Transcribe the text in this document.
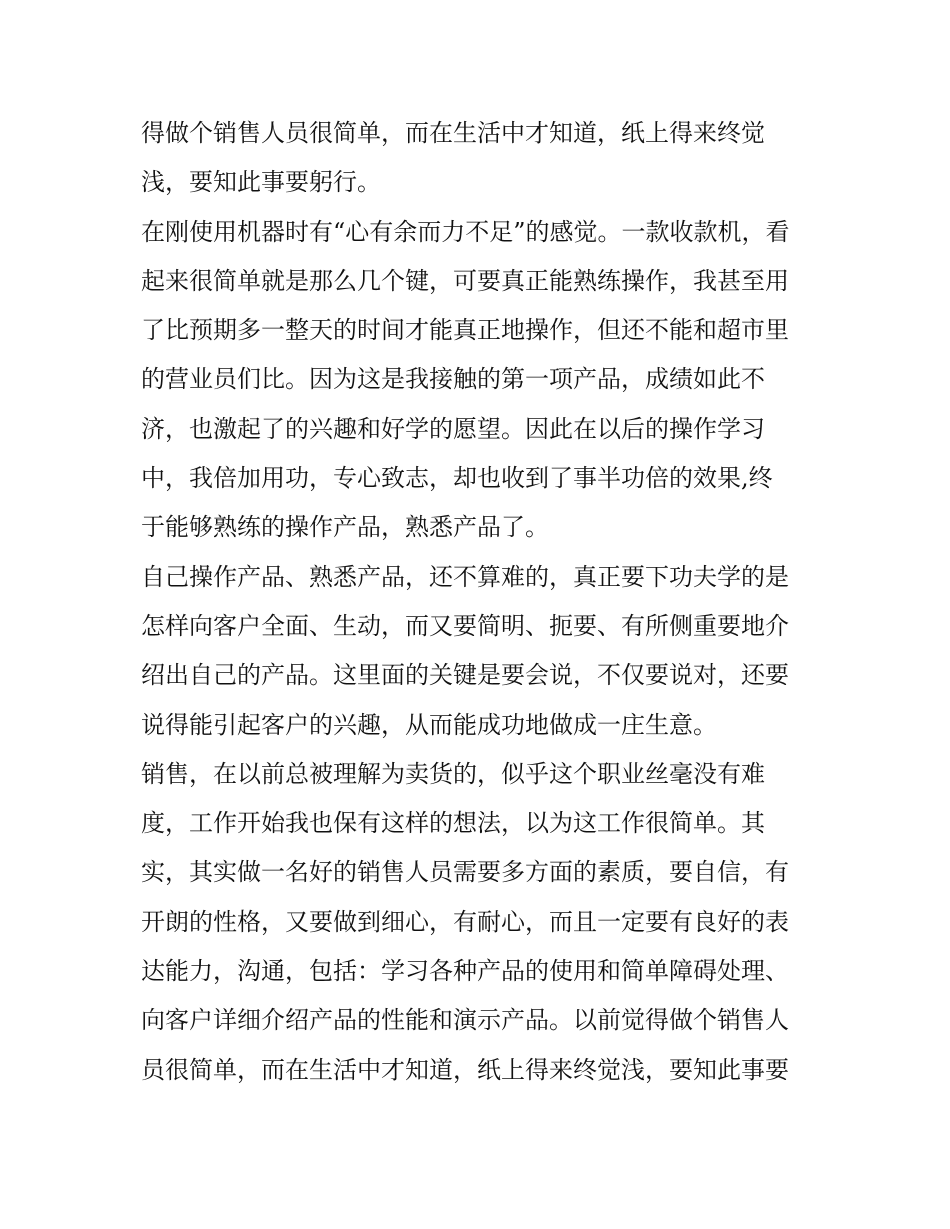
得做个销售人员很简单，而在生活中才知道，纸上得来终觉
浅，要知此事要躬行。
在刚使用机器时有“心有余而力不足”的感觉。一款收款机，看
起来很简单就是那么几个键，可要真正能熟练操作，我甚至用
了比预期多一整天的时间才能真正地操作，但还不能和超市里
的营业员们比。因为这是我接触的第一项产品，成绩如此不
济，也激起了的兴趣和好学的愿望。因此在以后的操作学习
中，我倍加用功，专心致志，却也收到了事半功倍的效果,终
于能够熟练的操作产品，熟悉产品了。
自己操作产品、熟悉产品，还不算难的，真正要下功夫学的是
怎样向客户全面、生动，而又要简明、扼要、有所侧重要地介
绍出自己的产品。这里面的关键是要会说，不仅要说对，还要
说得能引起客户的兴趣，从而能成功地做成一庄生意。
销售，在以前总被理解为卖货的，似乎这个职业丝毫没有难
度，工作开始我也保有这样的想法，以为这工作很简单。其
实，其实做一名好的销售人员需要多方面的素质，要自信，有
开朗的性格，又要做到细心，有耐心，而且一定要有良好的表
达能力，沟通，包括：学习各种产品的使用和简单障碍处理、
向客户详细介绍产品的性能和演示产品。以前觉得做个销售人
员很简单，而在生活中才知道，纸上得来终觉浅，要知此事要
